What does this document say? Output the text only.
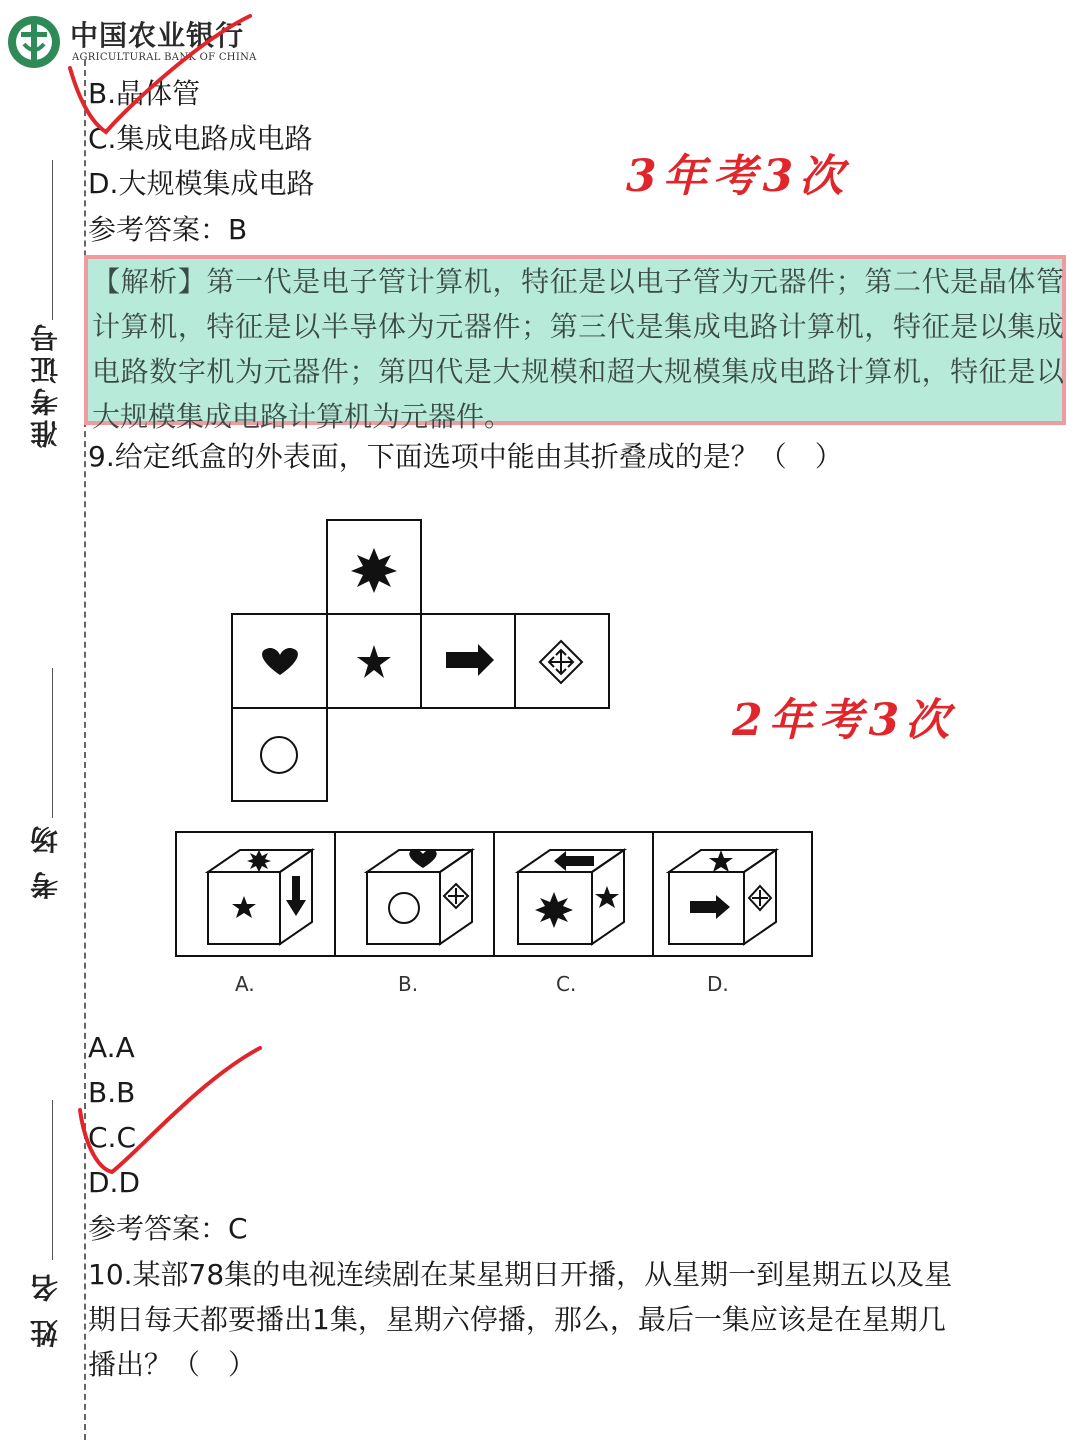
中国农业银行
AGRICULTURAL BANK OF CHINA
准考证号
考 场
姓 名
B.晶体管
C.集成电路成电路
D.大规模集成电路
参考答案：B
【解析】第一代是电子管计算机，特征是以电子管为元器件；第二代是晶体管计算机，特征是以半导体为元器件；第三代是集成电路计算机，特征是以集成电路数字机为元器件；第四代是大规模和超大规模集成电路计算机，特征是以大规模集成电路计算机为元器件。
9.给定纸盒的外表面，下面选项中能由其折叠成的是？（　）
A.	B.	C.	D.
A.A
B.B
C.C
D.D
参考答案：C
10.某部78集的电视连续剧在某星期日开播，从星期一到星期五以及星
期日每天都要播出1集，星期六停播，那么，最后一集应该是在星期几
播出？（　）
3年考3次
2年考3次
